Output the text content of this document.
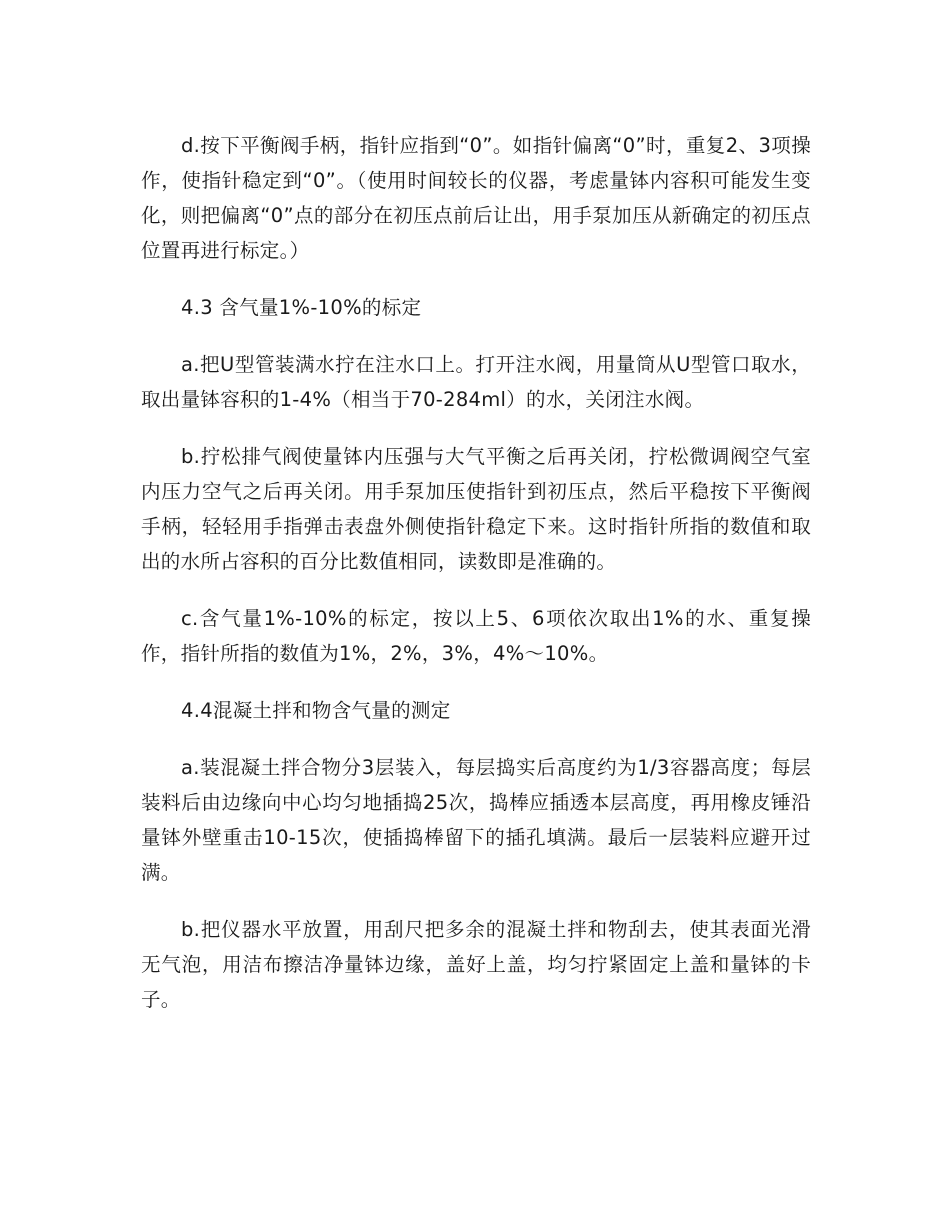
d.按下平衡阀手柄，指针应指到“0”。如指针偏离“0”时，重复2、3项操作，使指针稳定到“0”。（使用时间较长的仪器，考虑量钵内容积可能发生变化，则把偏离“0”点的部分在初压点前后让出，用手泵加压从新确定的初压点位置再进行标定。）

4.3 含气量1%-10%的标定

a.把U型管装满水拧在注水口上。打开注水阀，用量筒从U型管口取水，取出量钵容积的1-4%（相当于70-284ml）的水，关闭注水阀。

b.拧松排气阀使量钵内压强与大气平衡之后再关闭，拧松微调阀空气室内压力空气之后再关闭。用手泵加压使指针到初压点，然后平稳按下平衡阀手柄，轻轻用手指弹击表盘外侧使指针稳定下来。这时指针所指的数值和取出的水所占容积的百分比数值相同，读数即是准确的。

c.含气量1%-10%的标定，按以上5、6项依次取出1%的水、重复操作，指针所指的数值为1%，2%，3%，4%～10%。

4.4混凝土拌和物含气量的测定

a.装混凝土拌合物分3层装入，每层捣实后高度约为1/3容器高度；每层装料后由边缘向中心均匀地插捣25次，捣棒应插透本层高度，再用橡皮锤沿量钵外壁重击10-15次，使插捣棒留下的插孔填满。最后一层装料应避开过满。

b.把仪器水平放置，用刮尺把多余的混凝土拌和物刮去，使其表面光滑无气泡，用洁布擦洁净量钵边缘，盖好上盖，均匀拧紧固定上盖和量钵的卡子。
